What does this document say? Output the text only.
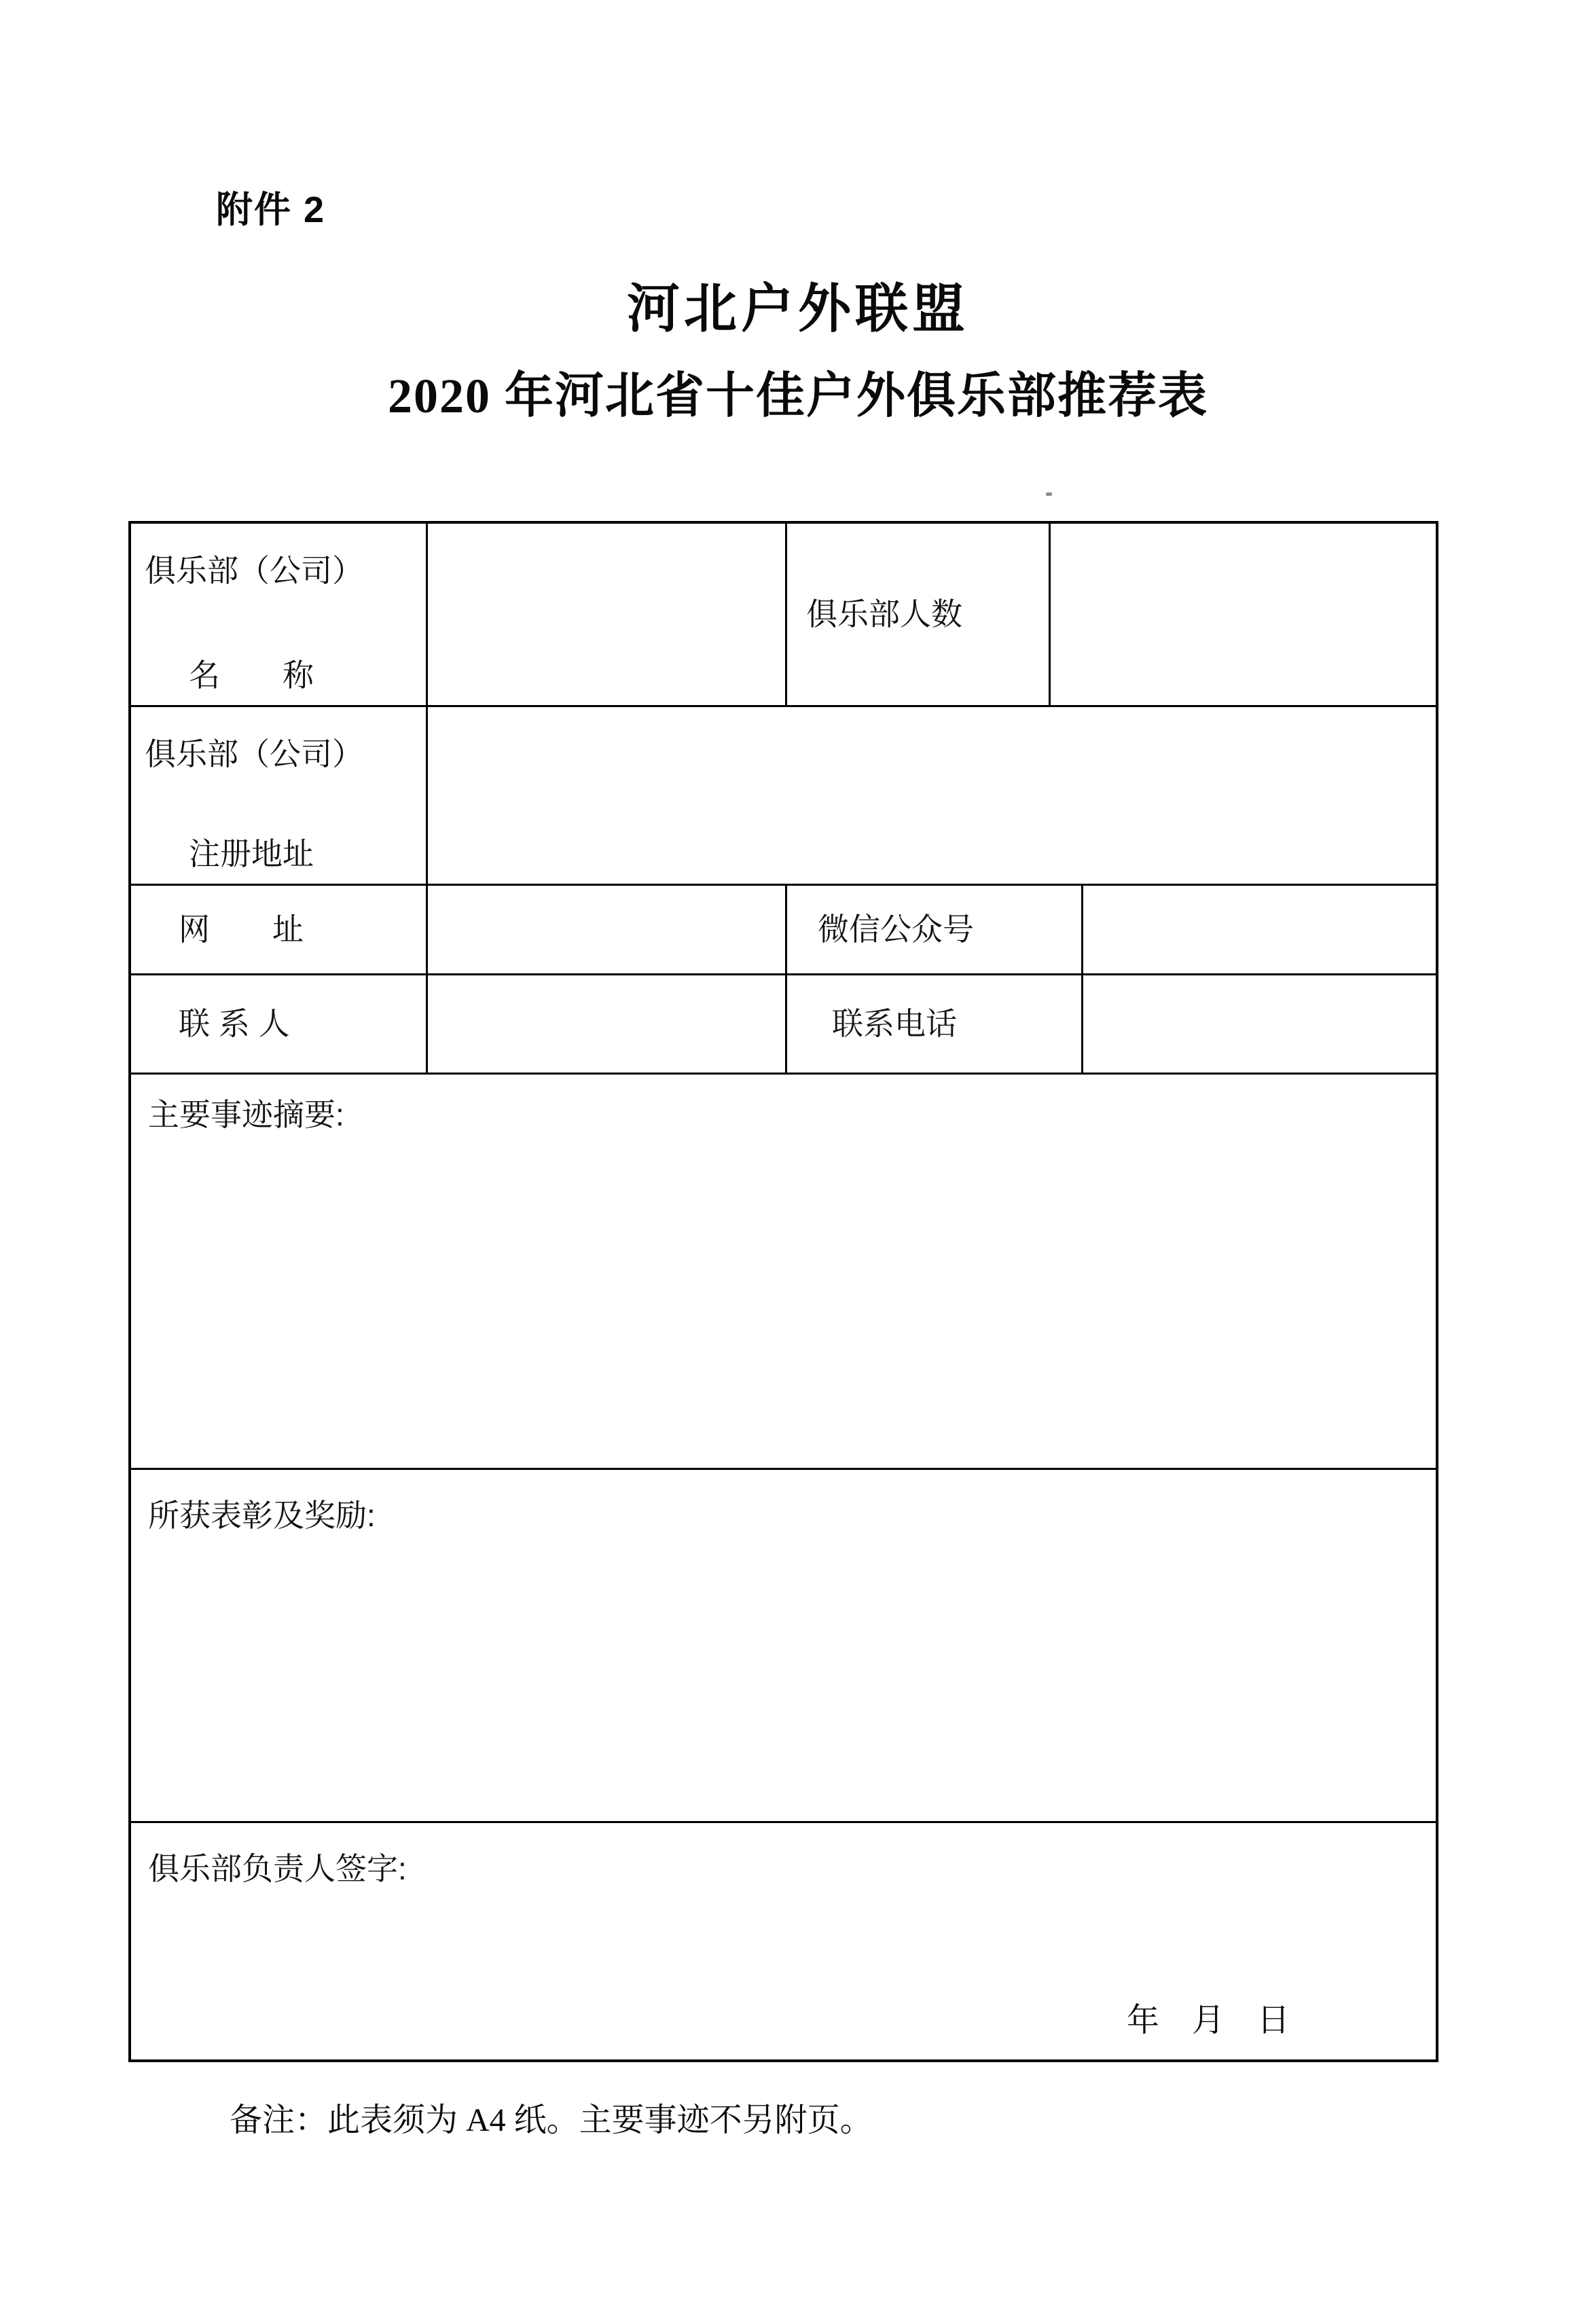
附件 2
河北户外联盟
2020 年河北省十佳户外俱乐部推荐表
俱乐部（公司）
名　　称
俱乐部人数
俱乐部（公司）
注册地址
网　　址	微信公众号
联 系 人	联系电话
主要事迹摘要:
所获表彰及奖励:
俱乐部负责人签字:
年　月　日
备注：此表须为 A4 纸。主要事迹不另附页。
